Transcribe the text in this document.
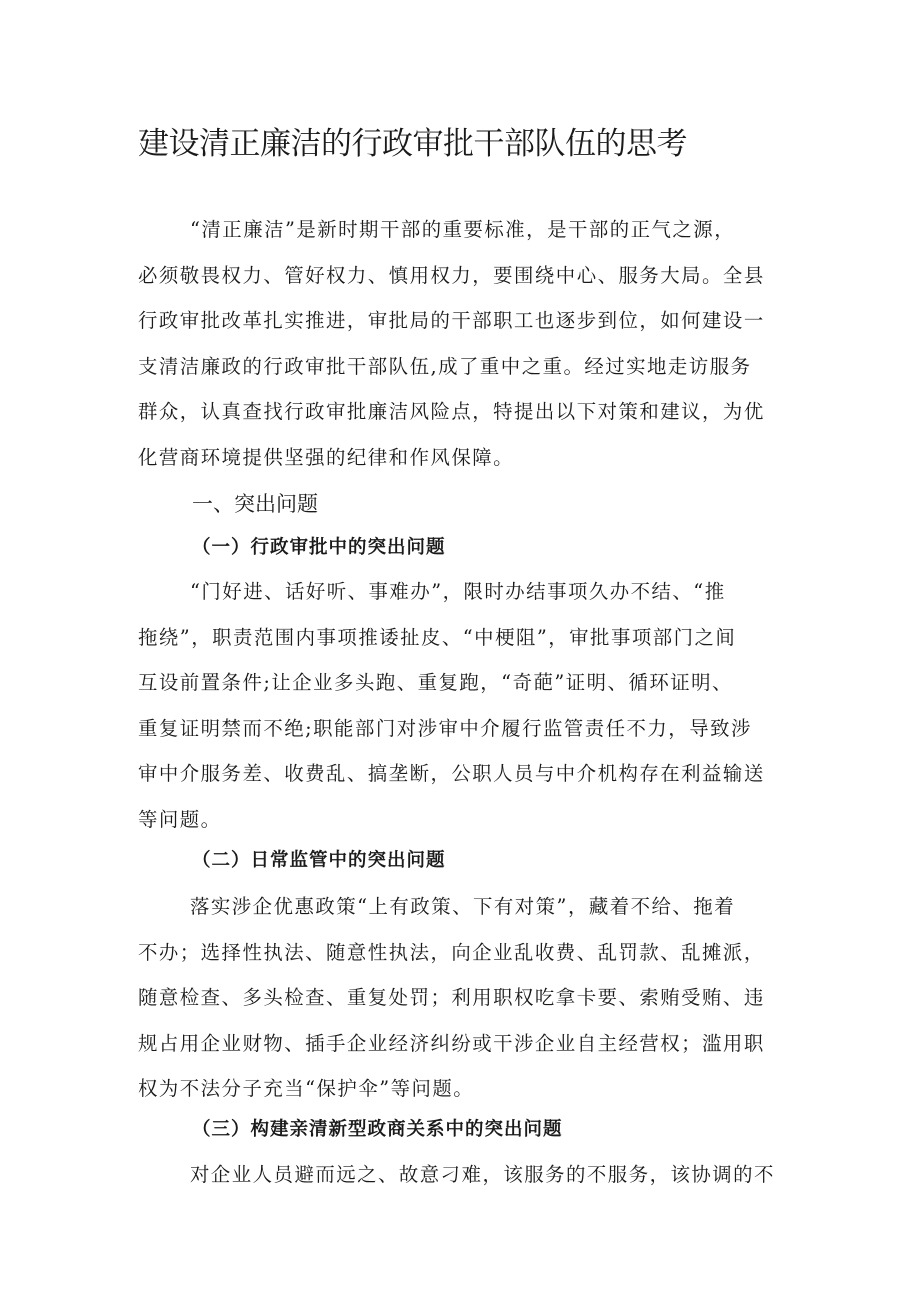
建设清正廉洁的行政审批干部队伍的思考
“清正廉洁”是新时期干部的重要标准，是干部的正气之源，
必须敬畏权力、管好权力、慎用权力，要围绕中心、服务大局。全县
行政审批改革扎实推进，审批局的干部职工也逐步到位，如何建设一
支清洁廉政的行政审批干部队伍,成了重中之重。经过实地走访服务
群众，认真查找行政审批廉洁风险点，特提出以下对策和建议，为优
化营商环境提供坚强的纪律和作风保障。
一、突出问题
（一）行政审批中的突出问题
“门好进、话好听、事难办”，限时办结事项久办不结、“推
拖绕”，职责范围内事项推诿扯皮、“中梗阻”，审批事项部门之间
互设前置条件;让企业多头跑、重复跑，“奇葩”证明、循环证明、
重复证明禁而不绝;职能部门对涉审中介履行监管责任不力，导致涉
审中介服务差、收费乱、搞垄断，公职人员与中介机构存在利益输送
等问题。
（二）日常监管中的突出问题
落实涉企优惠政策“上有政策、下有对策”，藏着不给、拖着
不办；选择性执法、随意性执法，向企业乱收费、乱罚款、乱摊派，
随意检查、多头检查、重复处罚；利用职权吃拿卡要、索贿受贿、违
规占用企业财物、插手企业经济纠纷或干涉企业自主经营权；滥用职
权为不法分子充当“保护伞”等问题。
（三）构建亲清新型政商关系中的突出问题
对企业人员避而远之、故意刁难，该服务的不服务，该协调的不
